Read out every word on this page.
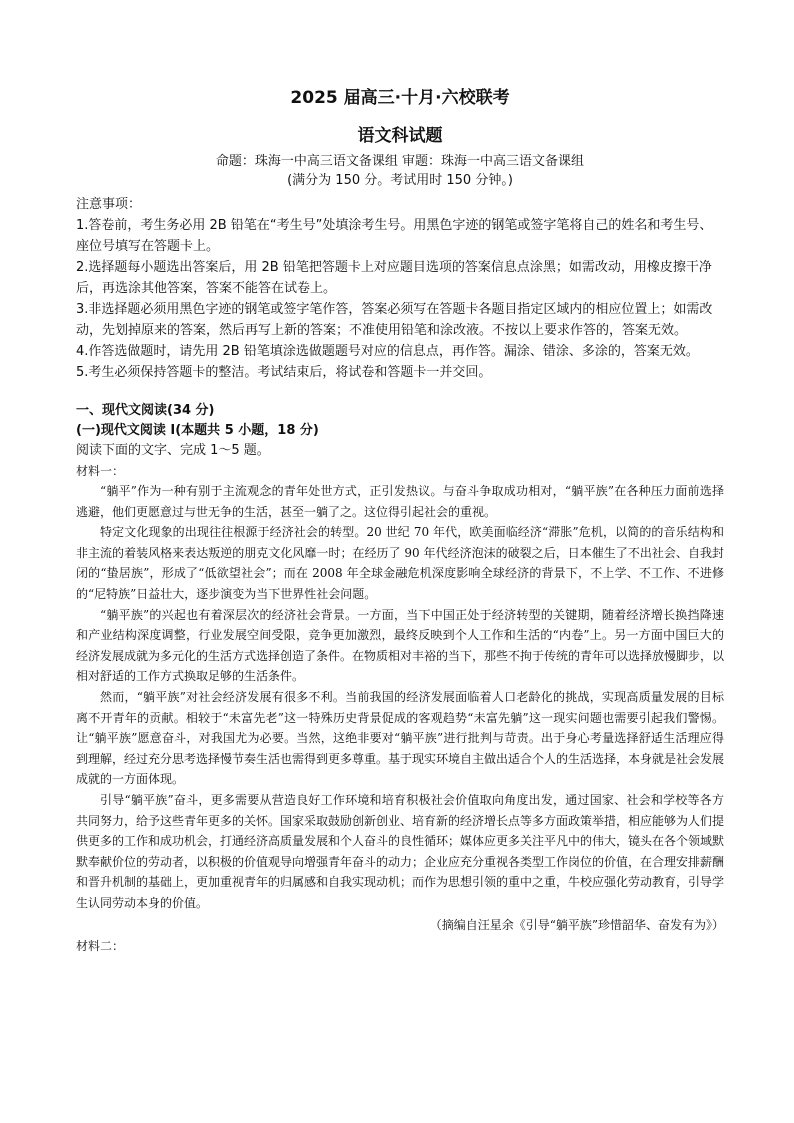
2025 届高三·十月·六校联考
语文科试题

命题：珠海一中高三语文备课组 审题：珠海一中高三语文备课组

(满分为 150 分。考试用时 150 分钟。)

注意事项：

1.答卷前，考生务必用 2B 铅笔在“考生号”处填涂考生号。用黑色字迹的钢笔或签字笔将自己的姓名和考生号、座位号填写在答题卡上。

2.选择题每小题选出答案后，用 2B 铅笔把答题卡上对应题目选项的答案信息点涂黑；如需改动，用橡皮擦干净后，再选涂其他答案，答案不能答在试卷上。

3.非选择题必须用黑色字迹的钢笔或签字笔作答，答案必须写在答题卡各题目指定区域内的相应位置上；如需改动，先划掉原来的答案，然后再写上新的答案；不准使用铅笔和涂改液。不按以上要求作答的，答案无效。

4.作答选做题时，请先用 2B 铅笔填涂选做题题号对应的信息点，再作答。漏涂、错涂、多涂的，答案无效。

5.考生必须保持答题卡的整洁。考试结束后，将试卷和答题卡一并交回。

一、现代文阅读(34 分)

(一)现代文阅读 I(本题共 5 小题，18 分)

阅读下面的文字、完成 1～5 题。

材料一：

“躺平”作为一种有别于主流观念的青年处世方式，正引发热议。与奋斗争取成功相对，“躺平族”在各种压力面前选择逃避，他们更愿意过与世无争的生活，甚至一躺了之。这位得引起社会的重视。

特定文化现象的出现往往根源于经济社会的转型。20 世纪 70 年代，欧美面临经济“滞胀”危机，以简的的音乐结构和非主流的着装风格来表达叛逆的朋克文化风靡一时；在经历了 90 年代经济泡沫的破裂之后，日本催生了不出社会、自我封闭的“蛰居族”，形成了“低欲望社会”；而在 2008 年全球金融危机深度影响全球经济的背景下，不上学、不工作、不进修的“尼特族”日益壮大，逐步演变为当下世界性社会问题。

“躺平族”的兴起也有着深层次的经济社会背景。一方面，当下中国正处于经济转型的关键期，随着经济增长换挡降速和产业结构深度调整，行业发展空间受限，竞争更加激烈，最终反映到个人工作和生活的“内卷”上。另一方面中国巨大的经济发展成就为多元化的生活方式选择创造了条件。在物质相对丰裕的当下，那些不拘于传统的青年可以选择放慢脚步，以相对舒适的工作方式换取足够的生活条件。

然而，“躺平族”对社会经济发展有很多不利。当前我国的经济发展面临着人口老龄化的挑战，实现高质量发展的目标离不开青年的贡献。相较于“未富先老”这一特殊历史背景促成的客观趋势“未富先躺”这一现实问题也需要引起我们警惕。让“躺平族”愿意奋斗，对我国尤为必要。当然，这绝非要对“躺平族”进行批判与苛责。出于身心考量选择舒适生活理应得到理解，经过充分思考选择慢节奏生活也需得到更多尊重。基于现实环境自主做出适合个人的生活选择，本身就是社会发展成就的一方面体现。

引导“躺平族”奋斗，更多需要从营造良好工作环境和培育积极社会价值取向角度出发，通过国家、社会和学校等各方共同努力，给予这些青年更多的关怀。国家采取鼓励创新创业、培育新的经济增长点等多方面政策举措，相应能够为人们提供更多的工作和成功机会，打通经济高质量发展和个人奋斗的良性循环；媒体应更多关注平凡中的伟大，镜头在各个领域默默奉献价位的劳动者，以积极的价值观导向增强青年奋斗的动力；企业应充分重视各类型工作岗位的价值，在合理安排薪酬和晋升机制的基础上，更加重视青年的归属感和自我实现动机；而作为思想引领的重中之重，牛校应强化劳动教育，引导学生认同劳动本身的价值。

（摘编自汪星余《引导“躺平族”珍惜韶华、奋发有为》）

材料二：
